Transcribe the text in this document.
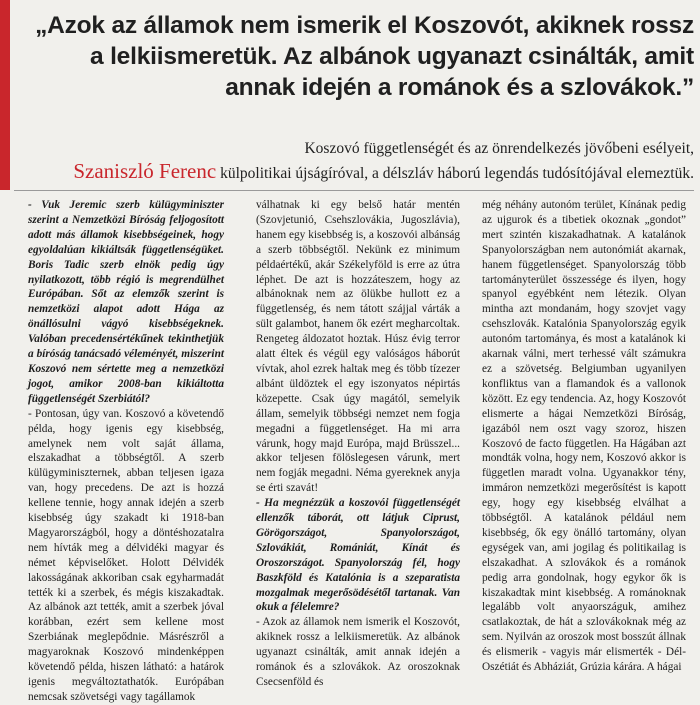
„Azok az államok nem ismerik el Koszovót, akiknek rossz a lelkiismeretük. Az albánok ugyanazt csinálták, amit annak idején a románok és a szlovákok.”
Koszovó függetlenségét és az önrendelkezés jövőbeni esélyeit,
Szaniszló Ferenc külpolitikai újságíróval, a délszláv háború legendás tudósítójával elemeztük.

- Vuk Jeremic szerb külügyminiszter szerint a Nemzetközi Bíróság feljogosított adott más államok kisebbségeinek, hogy egyoldalúan kikiáltsák függetlenségüket. Boris Tadic szerb elnök pedig úgy nyilatkozott, több régió is megrendülhet Európában. Sőt az elemzők szerint is nemzetközi alapot adott Hága az önállósulni vágyó kisebbségeknek. Valóban precedensértékűnek tekinthetjük a bíróság tanácsadó véleményét, miszerint Koszovó nem sértette meg a nemzetközi jogot, amikor 2008-ban kikiáltotta függetlenségét Szerbiától?

- Pontosan, úgy van. Koszovó a követendő példa, hogy igenis egy kisebbség, amelynek nem volt saját állama, elszakadhat a többségtől. A szerb külügyminiszternek, abban teljesen igaza van, hogy precedens. De azt is hozzá kellene tennie, hogy annak idején a szerb kisebbség úgy szakadt ki 1918-ban Magyarországból, hogy a döntéshozatalra nem hívták meg a délvidéki magyar és német képviselőket. Holott Délvidék lakosságának akkoriban csak egyharmadát tették ki a szerbek, és mégis kiszakadtak. Az albánok azt tették, amit a szerbek jóval korábban, ezért sem kellene most Szerbiának meglepődnie. Másrészről a magyaroknak Koszovó mindenképpen követendő példa, hiszen látható: a határok igenis megváltoztathatók. Európában nemcsak szövetségi vagy tagállamok

válhatnak ki egy belső határ mentén (Szovjetunió, Csehszlovákia, Jugoszlávia), hanem egy kisebbség is, a koszovói albánság a szerb többségtől. Nekünk ez minimum példaértékű, akár Székelyföld is erre az útra léphet. De azt is hozzáteszem, hogy az albánoknak nem az ölükbe hullott ez a függetlenség, és nem tátott szájjal várták a sült galambot, hanem ők ezért megharcoltak. Rengeteg áldozatot hoztak. Húsz évig terror alatt éltek és végül egy valóságos háborút vívtak, ahol ezrek haltak meg és több tízezer albánt üldöztek el egy iszonyatos népirtás közepette. Csak úgy magától, semelyik állam, semelyik többségi nemzet nem fogja megadni a függetlenséget. Ha mi arra várunk, hogy majd Európa, majd Brüsszel... akkor teljesen fölöslegesen várunk, mert nem fogják megadni. Néma gyereknek anyja se érti szavát!

- Ha megnézzük a koszovói függetlenségét ellenzők táborát, ott látjuk Ciprust, Görögországot, Spanyolországot, Szlovákiát, Romániát, Kínát és Oroszországot. Spanyolország fél, hogy Baszkföld és Katalónia is a szeparatista mozgalmak megerősödésétől tartanak. Van okuk a félelemre?

- Azok az államok nem ismerik el Koszovót, akiknek rossz a lelkiismeretük. Az albánok ugyanazt csinálták, amit annak idején a románok és a szlovákok. Az oroszoknak Csecsenföld és

még néhány autonóm terület, Kínának pedig az ujgurok és a tibetiek okoznak „gondot” mert szintén kiszakadhatnak. A katalánok Spanyolországban nem autonómiát akarnak, hanem függetlenséget. Spanyolország több tartományterület összessége és ilyen, hogy spanyol egyébként nem létezik. Olyan mintha azt mondanám, hogy szovjet vagy csehszlovák. Katalónia Spanyolország egyik autonóm tartománya, és most a katalánok ki akarnak válni, mert terhessé vált számukra ez a szövetség. Belgiumban ugyanilyen konfliktus van a flamandok és a vallonok között. Ez egy tendencia. Az, hogy Koszovót elismerte a hágai Nemzetközi Bíróság, igazából nem oszt vagy szoroz, hiszen Koszovó de facto független. Ha Hágában azt mondták volna, hogy nem, Koszovó akkor is független maradt volna. Ugyanakkor tény, immáron nemzetközi megerősítést is kapott egy, hogy egy kisebbség elválhat a többségtől. A katalánok például nem kisebbség, ők egy önálló tartomány, olyan egységek van, ami jogilag és politikailag is elszakadhat. A szlovákok és a románok pedig arra gondolnak, hogy egykor ők is kiszakadtak mint kisebbség. A románoknak legalább volt anyaországuk, amihez csatlakoztak, de hát a szlovákoknak még az sem. Nyilván az oroszok most bosszút állnak és elismerik - vagyis már elismerték - Dél-Oszétiát és Abháziát, Grúzia kárára. A hágai
